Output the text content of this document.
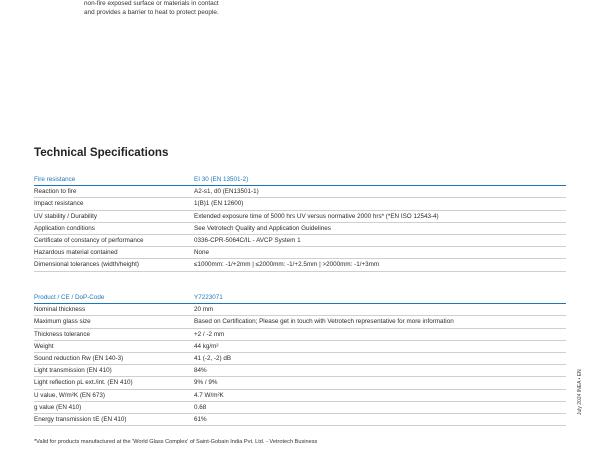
non-fire exposed surface or materials in contact
and provides a barrier to heat to protect people.
Technical Specifications
Fire resistance	EI 30 (EN 13501-2)
Reaction to fire	A2-s1, d0 (EN13501-1)
Impact resistance	1(B)1 (EN 12600)
UV stability / Durability	Extended exposure time of 5000 hrs UV versus normative 2000 hrs* (*EN ISO 12543-4)
Application conditions	See Vetrotech Quality and Application Guidelines
Certificate of constancy of performance	0336-CPR-5064C/IL - AVCP System 1
Hazardous material contained	None
Dimensional tolerances (width/height)	≤1000mm: -1/+2mm | ≤2000mm: -1/+2.5mm | >2000mm: -1/+3mm
Product / CE / DoP-Code	Y7223071
Nominal thickness	20 mm
Maximum glass size	Based on Certification; Please get in touch with Vetrotech representative for more information
Thickness tolerance	+2 / -2 mm
Weight	44 kg/m²
Sound reduction Rw (EN 140-3)	41 (-2, -2) dB
Light transmission (EN 410)	84%
Light reflection ρL ext./int. (EN 410)	9% / 9%
U value, W/m²K (EN 673)	4.7 W/m²K
g value (EN 410)	0.68
Energy transmission τE (EN 410)	61%
*Valid for products manufactured at the 'World Glass Complex' of Saint-Gobain India Pvt. Ltd. - Vetrotech Business
July 2024 INEA • EN
